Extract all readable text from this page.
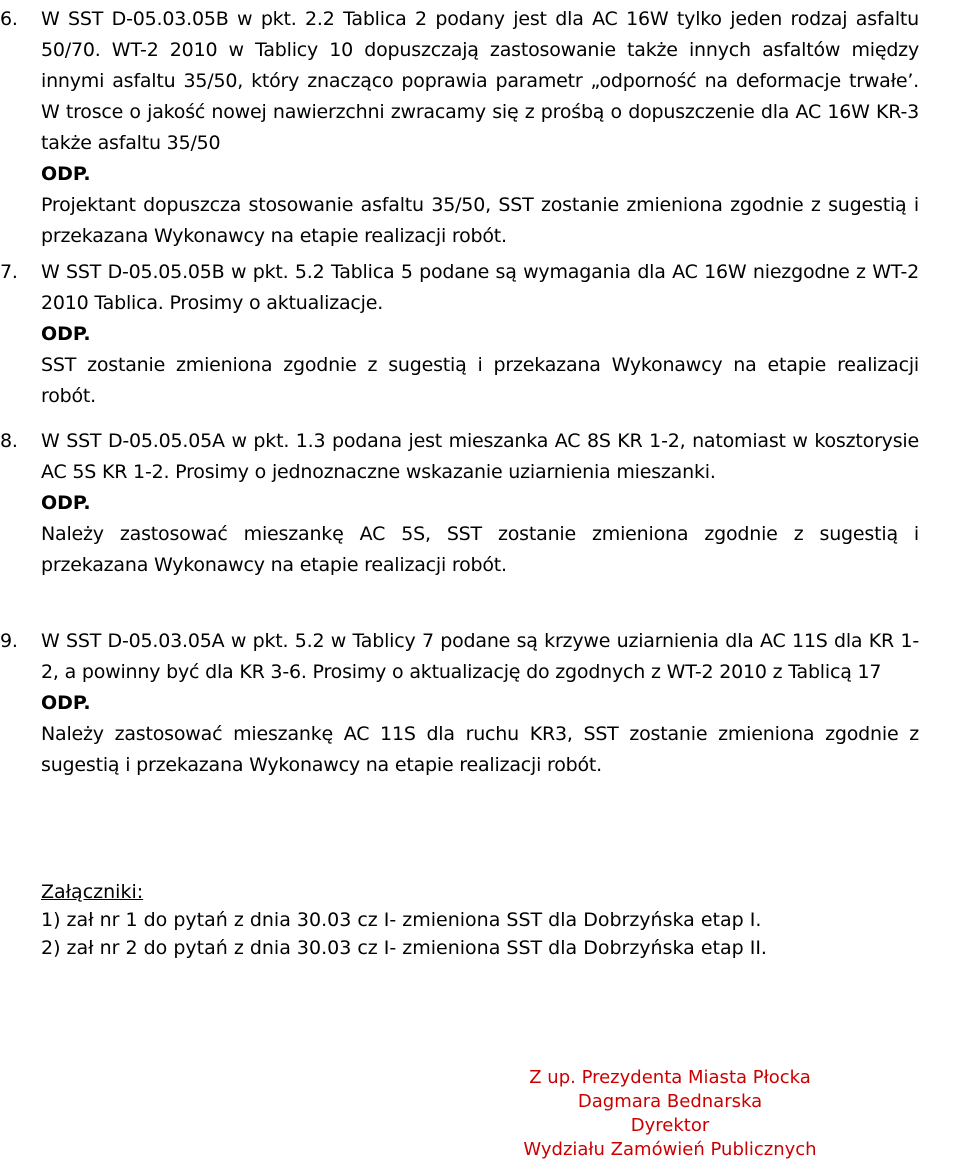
6. W SST D-05.03.05B w pkt. 2.2 Tablica 2 podany jest dla AC 16W tylko jeden rodzaj asfaltu 50/70. WT-2 2010 w Tablicy 10 dopuszczają zastosowanie także innych asfaltów między innymi asfaltu 35/50, który znacząco poprawia parametr „odporność na deformacje trwałe’. W trosce o jakość nowej nawierzchni zwracamy się z prośbą o dopuszczenie dla AC 16W KR-3 także asfaltu 35/50

ODP.

Projektant dopuszcza stosowanie asfaltu 35/50, SST zostanie zmieniona zgodnie z sugestią i przekazana Wykonawcy na etapie realizacji robót.

7. W SST D-05.05.05B w pkt. 5.2 Tablica 5 podane są wymagania dla AC 16W niezgodne z WT-2 2010 Tablica. Prosimy o aktualizacje.

ODP.

SST zostanie zmieniona zgodnie z sugestią i przekazana Wykonawcy na etapie realizacji robót.

8. W SST D-05.05.05A w pkt. 1.3 podana jest mieszanka AC 8S KR 1-2, natomiast w kosztorysie AC 5S KR 1-2. Prosimy o jednoznaczne wskazanie uziarnienia mieszanki.

ODP.

Należy zastosować mieszankę AC 5S, SST zostanie zmieniona zgodnie z sugestią i przekazana Wykonawcy na etapie realizacji robót.

9. W SST D-05.03.05A w pkt. 5.2 w Tablicy 7 podane są krzywe uziarnienia dla AC 11S dla KR 1-2, a powinny być dla KR 3-6. Prosimy o aktualizację do zgodnych z WT-2 2010 z Tablicą 17

ODP.

Należy zastosować mieszankę AC 11S dla ruchu KR3, SST zostanie zmieniona zgodnie z sugestią i przekazana Wykonawcy na etapie realizacji robót.

Załączniki:
1) zał nr 1 do pytań z dnia 30.03 cz I- zmieniona SST dla Dobrzyńska etap I.
2) zał nr 2 do pytań z dnia 30.03 cz I- zmieniona SST dla Dobrzyńska etap II.
Z up. Prezydenta Miasta Płocka
Dagmara Bednarska
Dyrektor
Wydziału Zamówień Publicznych
